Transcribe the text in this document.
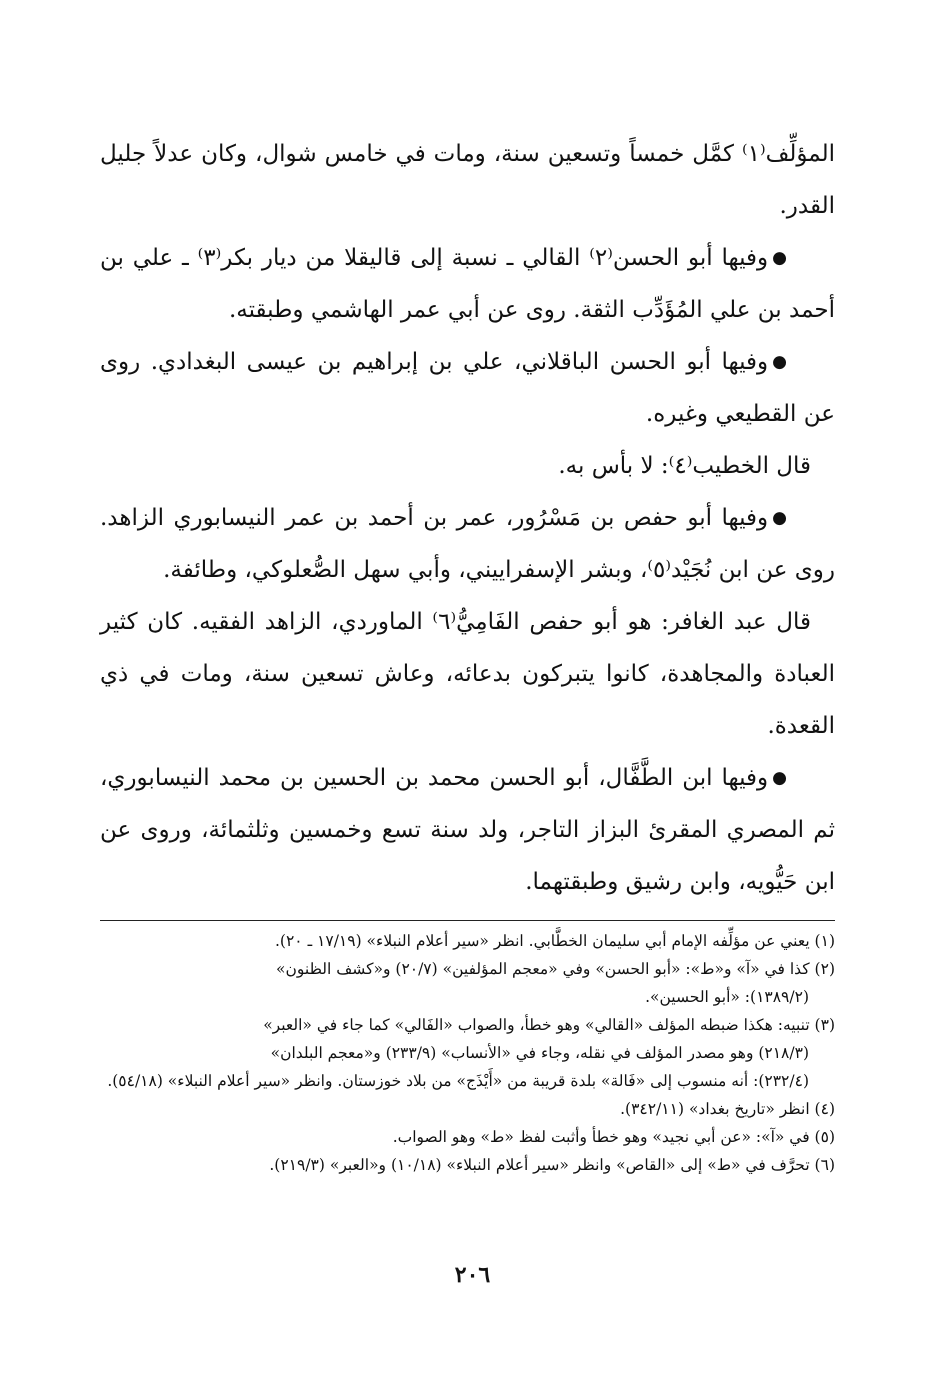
المؤلِّف⁽١⁾ كمَّل خمساً وتسعين سنة، ومات في خامس شوال، وكان عدلاً جليل القدر.

●وفيها أبو الحسن⁽٢⁾ القالي ـ نسبة إلى قاليقلا من ديار بكر⁽٣⁾ ـ علي بن أحمد بن علي المُؤَدِّب الثقة. روى عن أبي عمر الهاشمي وطبقته.

●وفيها أبو الحسن الباقلاني، علي بن إبراهيم بن عيسى البغدادي. روى عن القطيعي وغيره.

قال الخطيب⁽٤⁾: لا بأس به.

●وفيها أبو حفص بن مَسْرُور، عمر بن أحمد بن عمر النيسابوري الزاهد. روى عن ابن نُجَيْد⁽٥⁾، وبشر الإسفراييني، وأبي سهل الصُّعلوكي، وطائفة.

قال عبد الغافر: هو أبو حفص الفَامِيُّ⁽٦⁾ الماوردي، الزاهد الفقيه. كان كثير العبادة والمجاهدة، كانوا يتبركون بدعائه، وعاش تسعين سنة، ومات في ذي القعدة.

●وفيها ابن الطَّفَّال، أبو الحسن محمد بن الحسين بن محمد النيسابوري، ثم المصري المقرئ البزاز التاجر، ولد سنة تسع وخمسين وثلثمائة، وروى عن ابن حَيُّويه، وابن رشيق وطبقتهما.

(١) يعني عن مؤلِّفه الإمام أبي سليمان الخطَّابي. انظر «سير أعلام النبلاء» (١٧/١٩ ـ ٢٠).

(٢) كذا في «آ» و«ط»: «أبو الحسن» وفي «معجم المؤلفين» (٢٠/٧) و«كشف الظنون»

(١٣٨٩/٢): «أبو الحسين».

(٣) تنبيه: هكذا ضبطه المؤلف «القالي» وهو خطأ، والصواب «الفَالي» كما جاء في «العبر»

(٢١٨/٣) وهو مصدر المؤلف في نقله، وجاء في «الأنساب» (٢٣٣/٩) و«معجم البلدان»

(٢٣٢/٤): أنه منسوب إلى «فَالة» بلدة قريبة من «أَيْذَج» من بلاد خوزستان. وانظر «سير أعلام النبلاء» (٥٤/١٨).

(٤) انظر «تاريخ بغداد» (٣٤٢/١١).

(٥) في «آ»: «عن أبي نجيد» وهو خطأ وأثبت لفظ «ط» وهو الصواب.

(٦) تحرَّف في «ط» إلى «القاص» وانظر «سير أعلام النبلاء» (١٠/١٨) و«العبر» (٢١٩/٣).

٢٠٦
